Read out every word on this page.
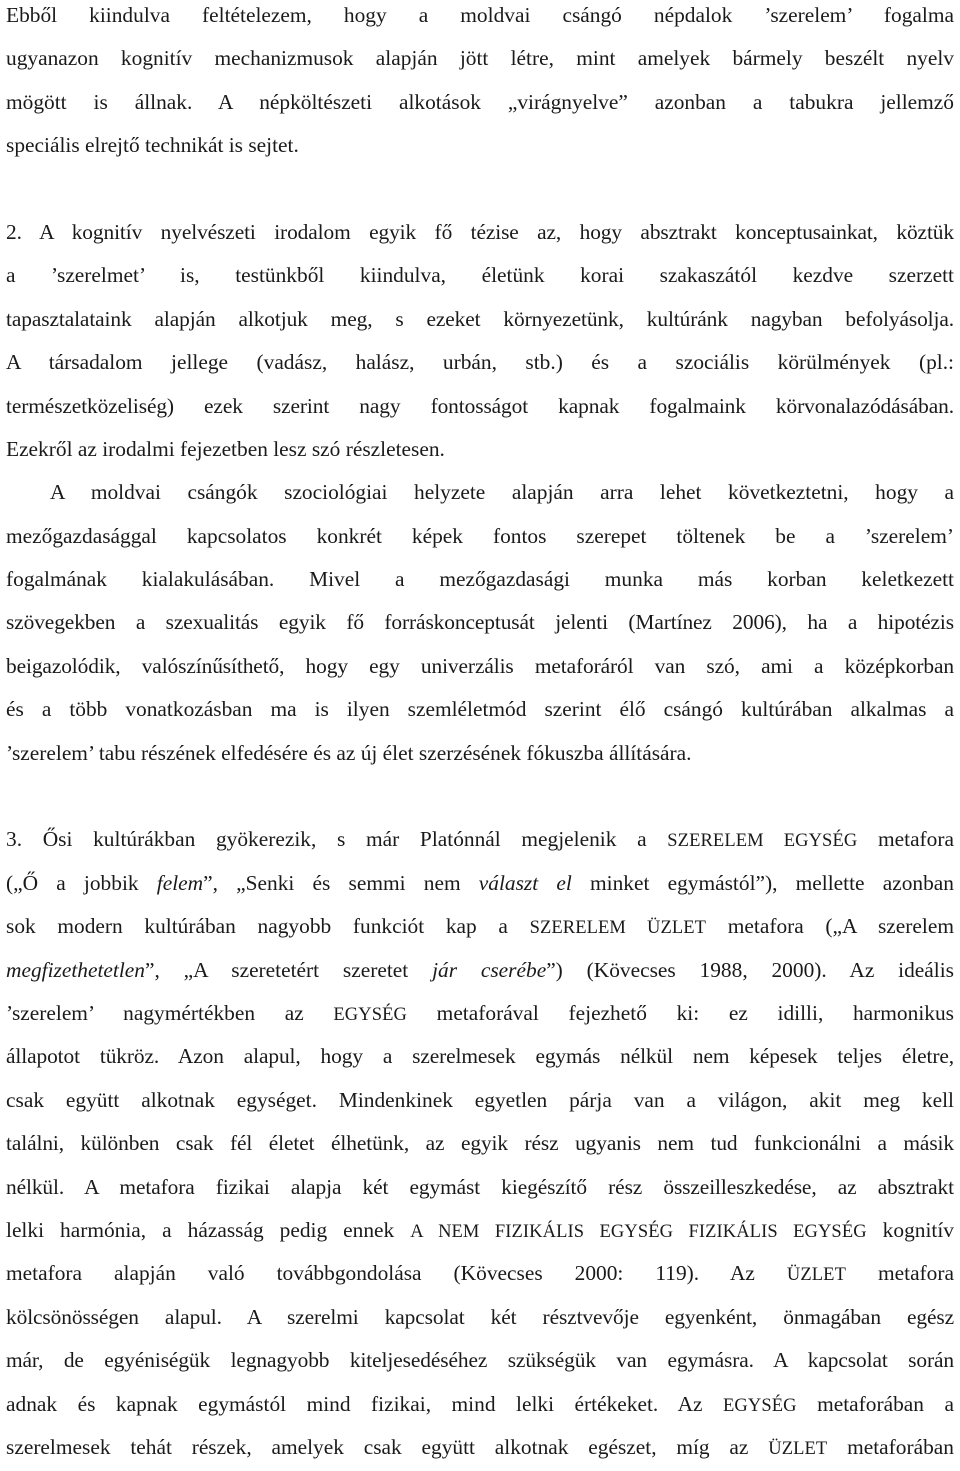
Ebből kiindulva feltételezem, hogy a moldvai csángó népdalok ’szerelem’ fogalma
ugyanazon kognitív mechanizmusok alapján jött létre, mint amelyek bármely beszélt nyelv
mögött is állnak. A népköltészeti alkotások „virágnyelve” azonban a tabukra jellemző
speciális elrejtő technikát is sejtet.
2. A kognitív nyelvészeti irodalom egyik fő tézise az, hogy absztrakt konceptusainkat, köztük
a ’szerelmet’ is, testünkből kiindulva, életünk korai szakaszától kezdve szerzett
tapasztalataink alapján alkotjuk meg, s ezeket környezetünk, kultúránk nagyban befolyásolja.
A társadalom jellege (vadász, halász, urbán, stb.) és a szociális körülmények (pl.:
természetközeliség) ezek szerint nagy fontosságot kapnak fogalmaink körvonalazódásában.
Ezekről az irodalmi fejezetben lesz szó részletesen.
A moldvai csángók szociológiai helyzete alapján arra lehet következtetni, hogy a
mezőgazdasággal kapcsolatos konkrét képek fontos szerepet töltenek be a ’szerelem’
fogalmának kialakulásában. Mivel a mezőgazdasági munka más korban keletkezett
szövegekben a szexualitás egyik fő forráskonceptusát jelenti (Martínez 2006), ha a hipotézis
beigazolódik, valószínűsíthető, hogy egy univerzális metaforáról van szó, ami a középkorban
és a több vonatkozásban ma is ilyen szemléletmód szerint élő csángó kultúrában alkalmas a
’szerelem’ tabu részének elfedésére és az új élet szerzésének fókuszba állítására.
3. Ősi kultúrákban gyökerezik, s már Platónnál megjelenik a SZERELEM EGYSÉG metafora
(„Ő a jobbik felem”, „Senki és semmi nem választ el minket egymástól”), mellette azonban
sok modern kultúrában nagyobb funkciót kap a SZERELEM ÜZLET metafora („A szerelem
megfizethetetlen”, „A szeretetért szeretet jár cserébe”) (Kövecses 1988, 2000). Az ideális
’szerelem’ nagymértékben az EGYSÉG metaforával fejezhető ki: ez idilli, harmonikus
állapotot tükröz. Azon alapul, hogy a szerelmesek egymás nélkül nem képesek teljes életre,
csak együtt alkotnak egységet. Mindenkinek egyetlen párja van a világon, akit meg kell
találni, különben csak fél életet élhetünk, az egyik rész ugyanis nem tud funkcionálni a másik
nélkül. A metafora fizikai alapja két egymást kiegészítő rész összeilleszkedése, az absztrakt
lelki harmónia, a házasság pedig ennek A NEM FIZIKÁLIS EGYSÉG FIZIKÁLIS EGYSÉG kognitív
metafora alapján való továbbgondolása (Kövecses 2000: 119). Az ÜZLET metafora
kölcsönösségen alapul. A szerelmi kapcsolat két résztvevője egyenként, önmagában egész
már, de egyéniségük legnagyobb kiteljesedéséhez szükségük van egymásra. A kapcsolat során
adnak és kapnak egymástól mind fizikai, mind lelki értékeket. Az EGYSÉG metaforában a
szerelmesek tehát részek, amelyek csak együtt alkotnak egészet, míg az ÜZLET metaforában
